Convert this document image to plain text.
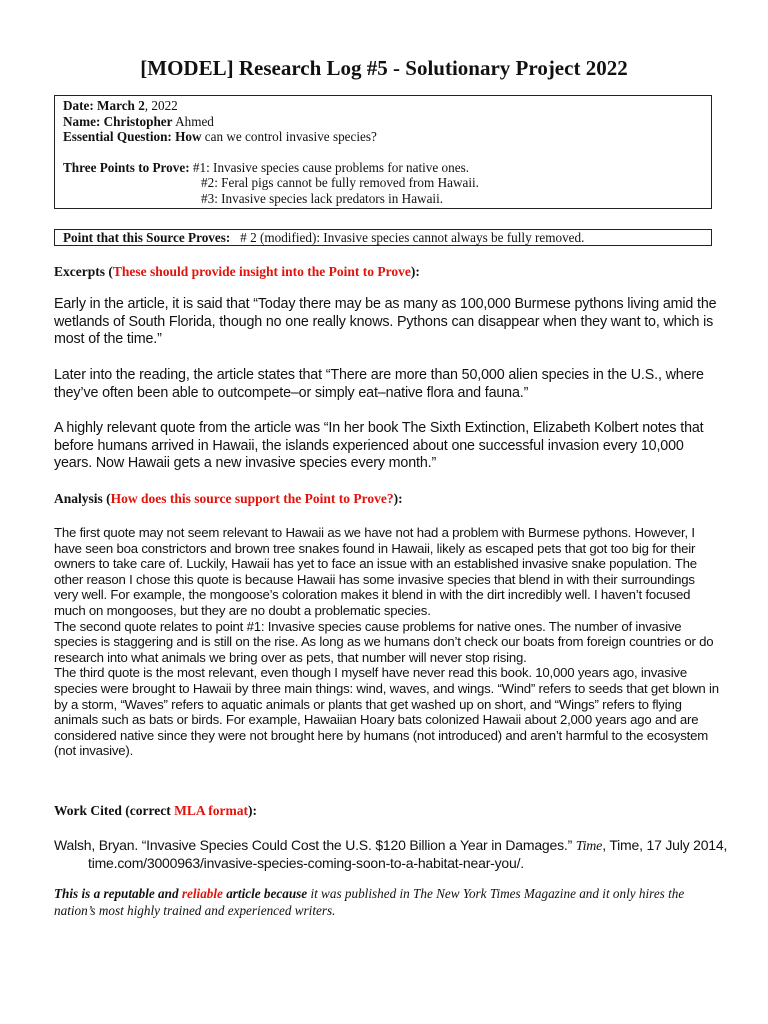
[MODEL] Research Log #5 - Solutionary Project 2022
Date: March 2, 2022
Name: Christopher Ahmed
Essential Question: How can we control invasive species?
Three Points to Prove: #1: Invasive species cause problems for native ones.
#2: Feral pigs cannot be fully removed from Hawaii.
#3: Invasive species lack predators in Hawaii.
Point that this Source Proves:   # 2 (modified): Invasive species cannot always be fully removed.
Excerpts (These should provide insight into the Point to Prove):

Early in the article, it is said that “Today there may be as many as 100,000 Burmese pythons living amid the wetlands of South Florida, though no one really knows. Pythons can disappear when they want to, which is most of the time.”

Later into the reading, the article states that “There are more than 50,000 alien species in the U.S., where they’ve often been able to outcompete–or simply eat–native flora and fauna.”

A highly relevant quote from the article was “In her book The Sixth Extinction, Elizabeth Kolbert notes that before humans arrived in Hawaii, the islands experienced about one successful invasion every 10,000 years. Now Hawaii gets a new invasive species every month.”

Analysis (How does this source support the Point to Prove?):

The first quote may not seem relevant to Hawaii as we have not had a problem with Burmese pythons. However, I have seen boa constrictors and brown tree snakes found in Hawaii, likely as escaped pets that got too big for their owners to take care of. Luckily, Hawaii has yet to face an issue with an established invasive snake population. The other reason I chose this quote is because Hawaii has some invasive species that blend in with their surroundings very well. For example, the mongoose’s coloration makes it blend in with the dirt incredibly well. I haven’t focused much on mongooses, but they are no doubt a problematic species.

The second quote relates to point #1: Invasive species cause problems for native ones. The number of invasive species is staggering and is still on the rise. As long as we humans don’t check our boats from foreign countries or do research into what animals we bring over as pets, that number will never stop rising.

The third quote is the most relevant, even though I myself have never read this book. 10,000 years ago, invasive species were brought to Hawaii by three main things: wind, waves, and wings. “Wind” refers to seeds that get blown in by a storm, “Waves” refers to aquatic animals or plants that get washed up on short, and “Wings” refers to flying animals such as bats or birds. For example, Hawaiian Hoary bats colonized Hawaii about 2,000 years ago and are considered native since they were not brought here by humans (not introduced) and aren’t harmful to the ecosystem (not invasive).

Work Cited (correct MLA format):

Walsh, Bryan. “Invasive Species Could Cost the U.S. $120 Billion a Year in Damages.” Time, Time, 17 July 2014, time.com/3000963/invasive-species-coming-soon-to-a-habitat-near-you/.

This is a reputable and reliable article because it was published in The New York Times Magazine and it only hires the nation’s most highly trained and experienced writers.
